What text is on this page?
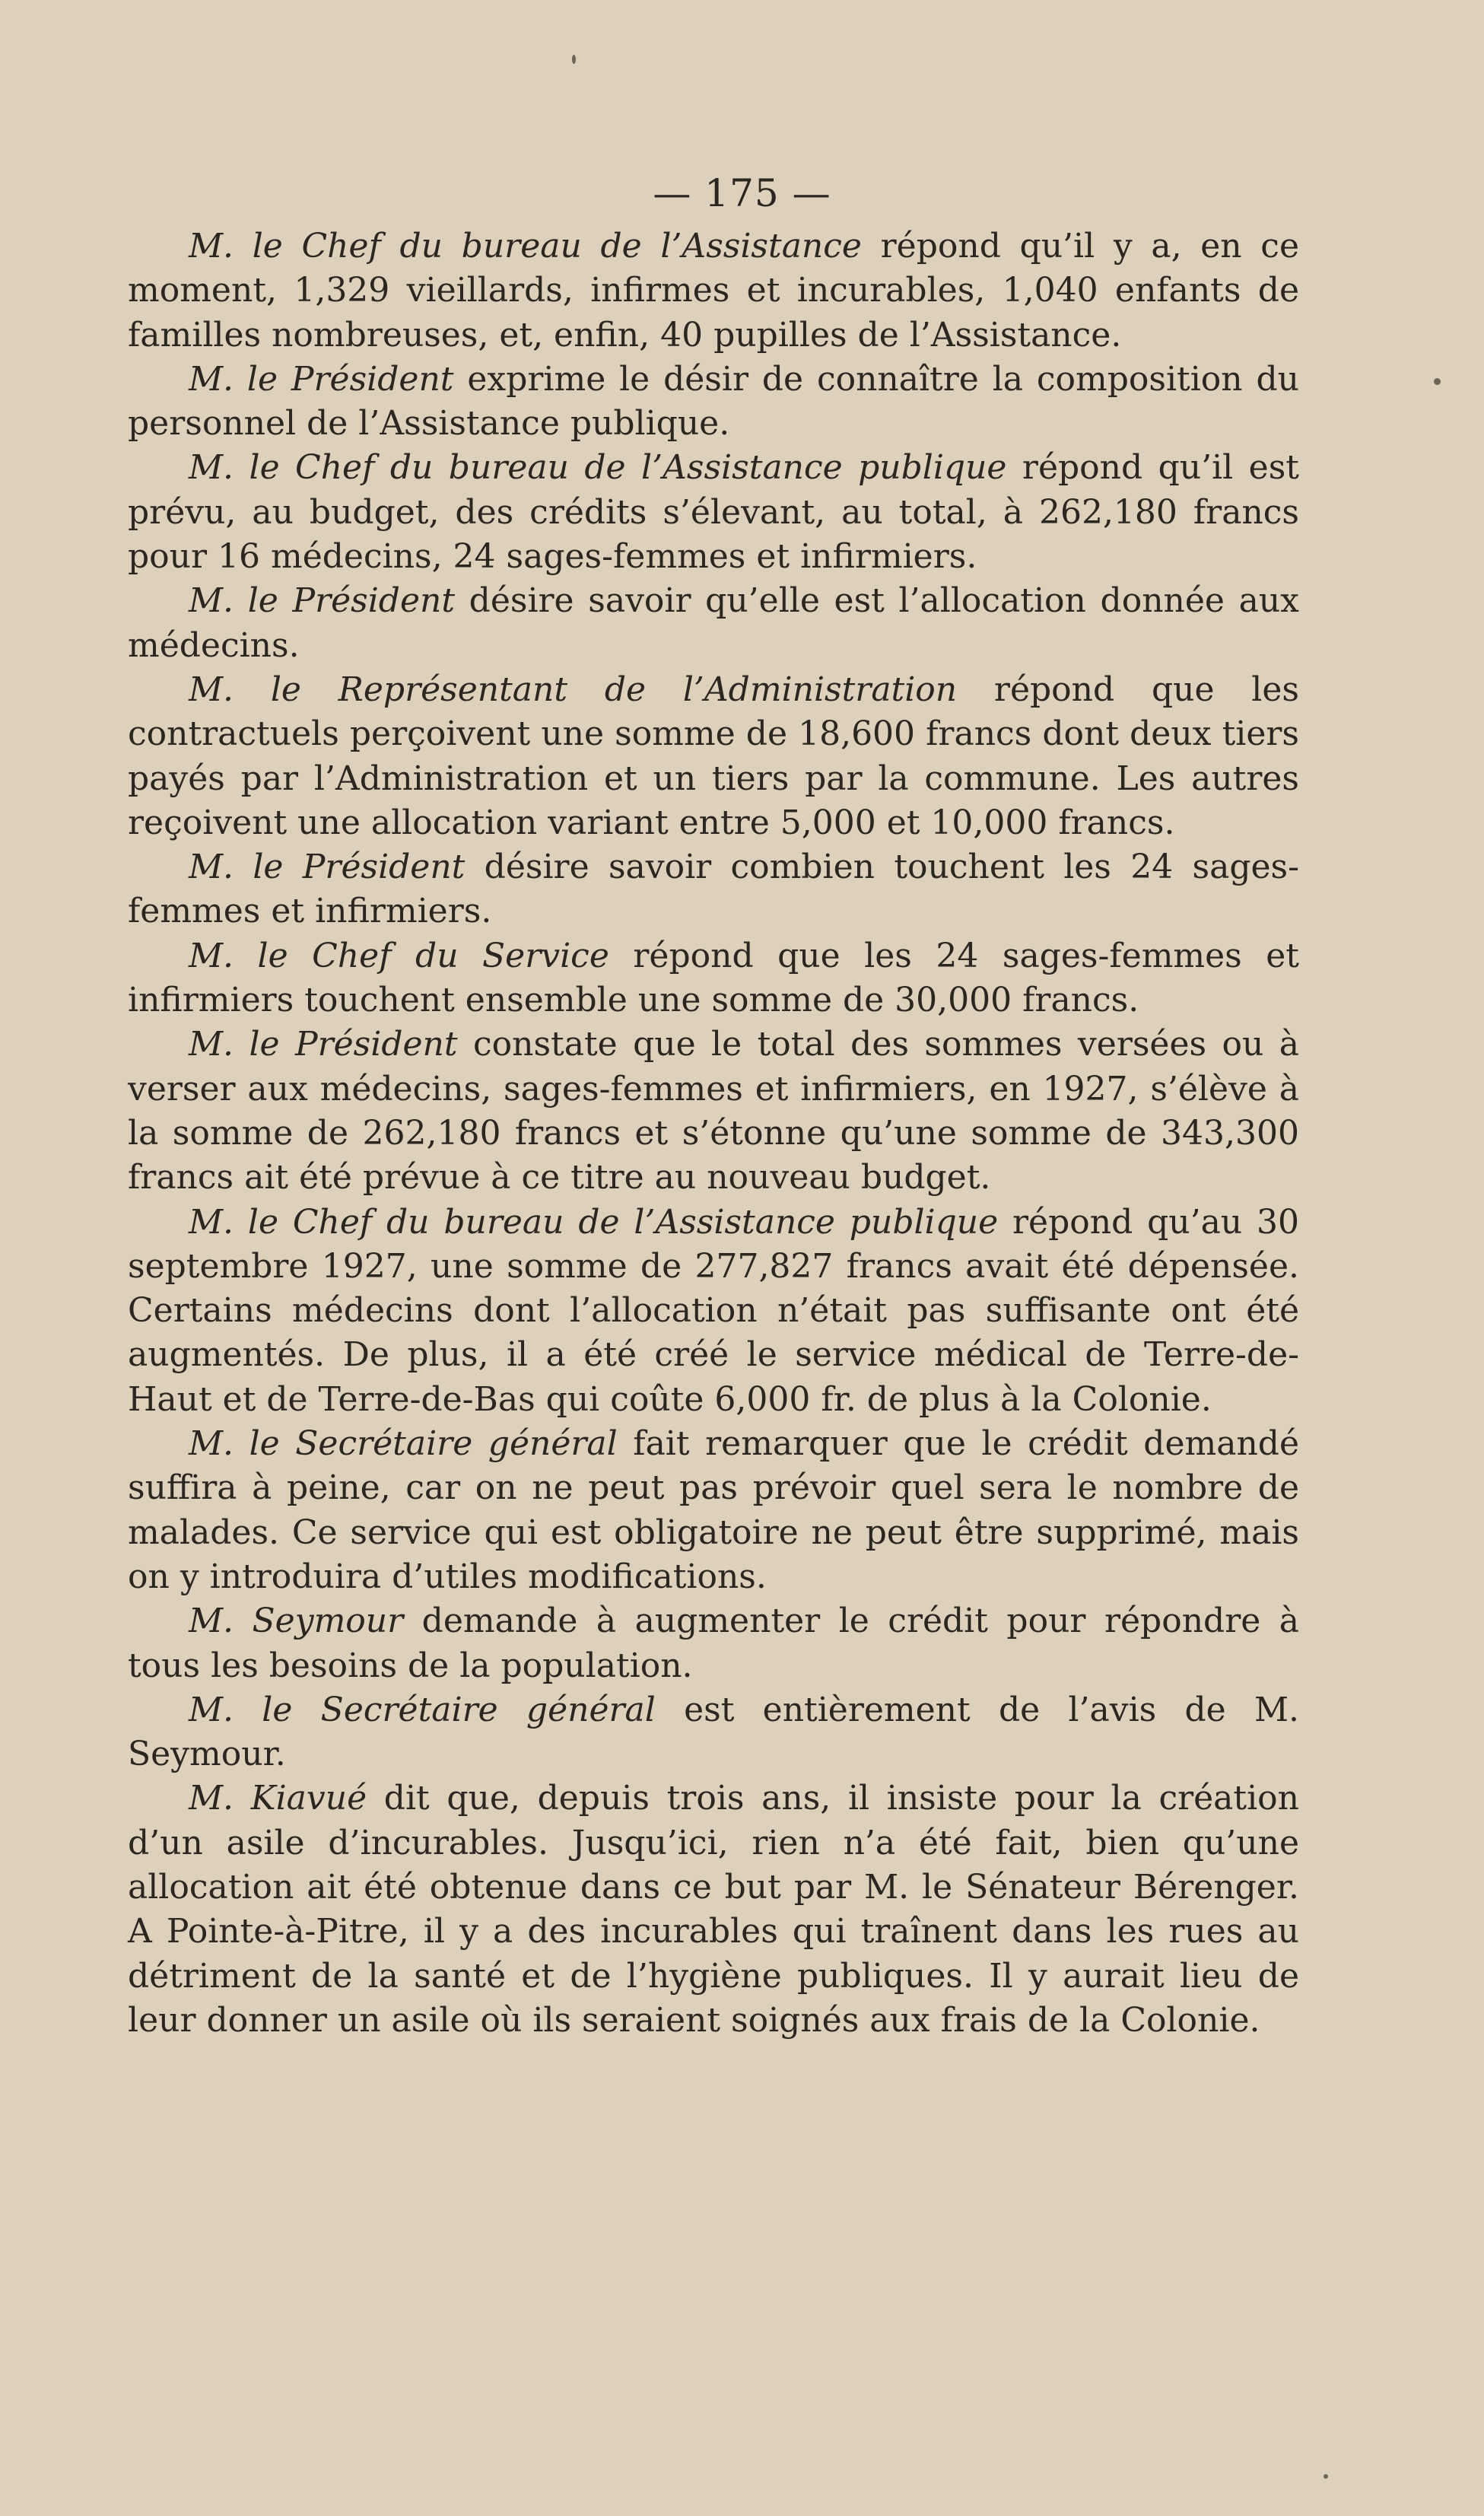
— 175 —

M. le Chef du bureau de l’Assistance répond qu’il y a, en ce moment, 1,329 vieillards, infirmes et incurables, 1,040 enfants de familles nombreuses, et, enfin, 40 pupilles de l’Assistance.

M. le Président exprime le désir de connaître la composition du personnel de l’Assistance publique.

M. le Chef du bureau de l’Assistance publique répond qu’il est prévu, au budget, des crédits s’élevant, au total, à 262,180 francs pour 16 médecins, 24 sages-femmes et infirmiers.

M. le Président désire savoir qu’elle est l’allocation donnée aux médecins.

M. le Représentant de l’Administration répond que les contractuels perçoivent une somme de 18,600 francs dont deux tiers payés par l’Administration et un tiers par la commune. Les autres reçoivent une allocation variant entre 5,000 et 10,000 francs.

M. le Président désire savoir combien touchent les 24 sages-femmes et infirmiers.

M. le Chef du Service répond que les 24 sages-femmes et infirmiers touchent ensemble une somme de 30,000 francs.

M. le Président constate que le total des sommes versées ou à verser aux médecins, sages-femmes et infirmiers, en 1927, s’élève à la somme de 262,180 francs et s’étonne qu’une somme de 343,300 francs ait été prévue à ce titre au nouveau budget.

M. le Chef du bureau de l’Assistance publique répond qu’au 30 septembre 1927, une somme de 277,827 francs avait été dépensée. Certains médecins dont l’allocation n’était pas suffisante ont été augmentés. De plus, il a été créé le service médical de Terre-de-Haut et de Terre-de-Bas qui coûte 6,000 fr. de plus à la Colonie.

M. le Secrétaire général fait remarquer que le crédit demandé suffira à peine, car on ne peut pas prévoir quel sera le nombre de malades. Ce service qui est obligatoire ne peut être supprimé, mais on y introduira d’utiles modifications.

M. Seymour demande à augmenter le crédit pour répondre à tous les besoins de la population.

M. le Secrétaire général est entièrement de l’avis de M. Seymour.

M. Kiavué dit que, depuis trois ans, il insiste pour la création d’un asile d’incurables. Jusqu’ici, rien n’a été fait, bien qu’une allocation ait été obtenue dans ce but par M. le Sénateur Bérenger. A Pointe-à-Pitre, il y a des incurables qui traînent dans les rues au détriment de la santé et de l’hygiène publiques. Il y aurait lieu de leur donner un asile où ils seraient soignés aux frais de la Colonie.
